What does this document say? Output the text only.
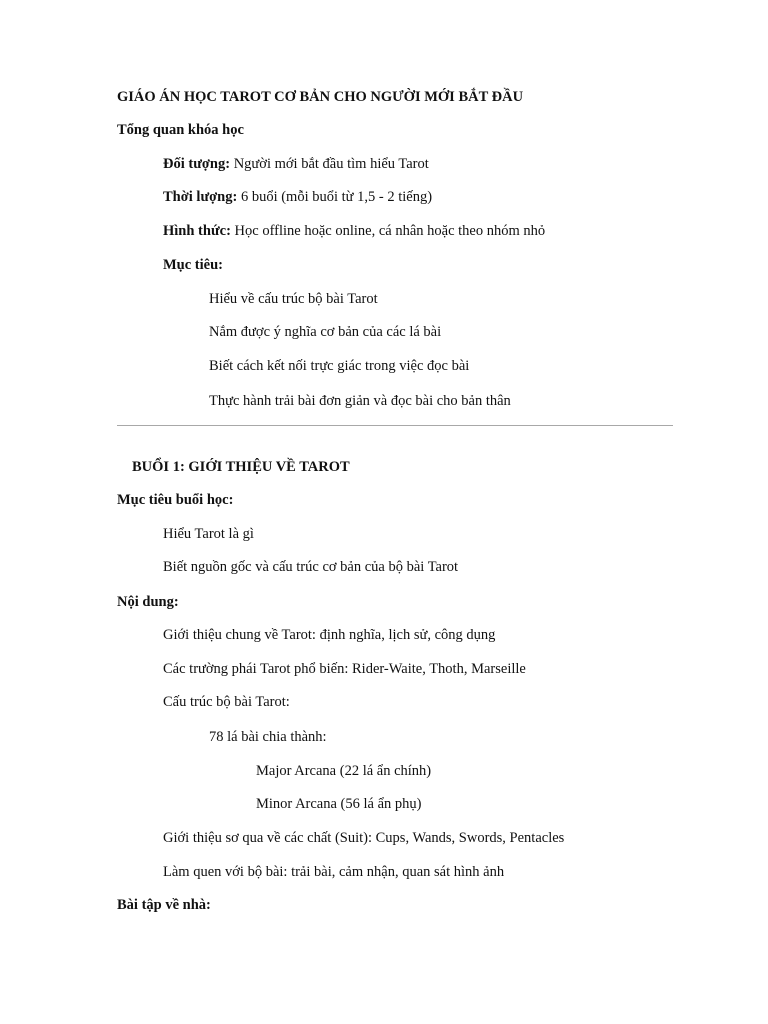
GIÁO ÁN HỌC TAROT CƠ BẢN CHO NGƯỜI MỚI BẮT ĐẦU
Tổng quan khóa học
Đối tượng: Người mới bắt đầu tìm hiểu Tarot
Thời lượng: 6 buổi (mỗi buổi từ 1,5 - 2 tiếng)
Hình thức: Học offline hoặc online, cá nhân hoặc theo nhóm nhỏ
Mục tiêu:
Hiểu về cấu trúc bộ bài Tarot
Nắm được ý nghĩa cơ bản của các lá bài
Biết cách kết nối trực giác trong việc đọc bài
Thực hành trải bài đơn giản và đọc bài cho bản thân
BUỔI 1: GIỚI THIỆU VỀ TAROT
Mục tiêu buổi học:
Hiểu Tarot là gì
Biết nguồn gốc và cấu trúc cơ bản của bộ bài Tarot
Nội dung:
Giới thiệu chung về Tarot: định nghĩa, lịch sử, công dụng
Các trường phái Tarot phổ biến: Rider-Waite, Thoth, Marseille
Cấu trúc bộ bài Tarot:
78 lá bài chia thành:
Major Arcana (22 lá ẩn chính)
Minor Arcana (56 lá ẩn phụ)
Giới thiệu sơ qua về các chất (Suit): Cups, Wands, Swords, Pentacles
Làm quen với bộ bài: trải bài, cảm nhận, quan sát hình ảnh
Bài tập về nhà:
